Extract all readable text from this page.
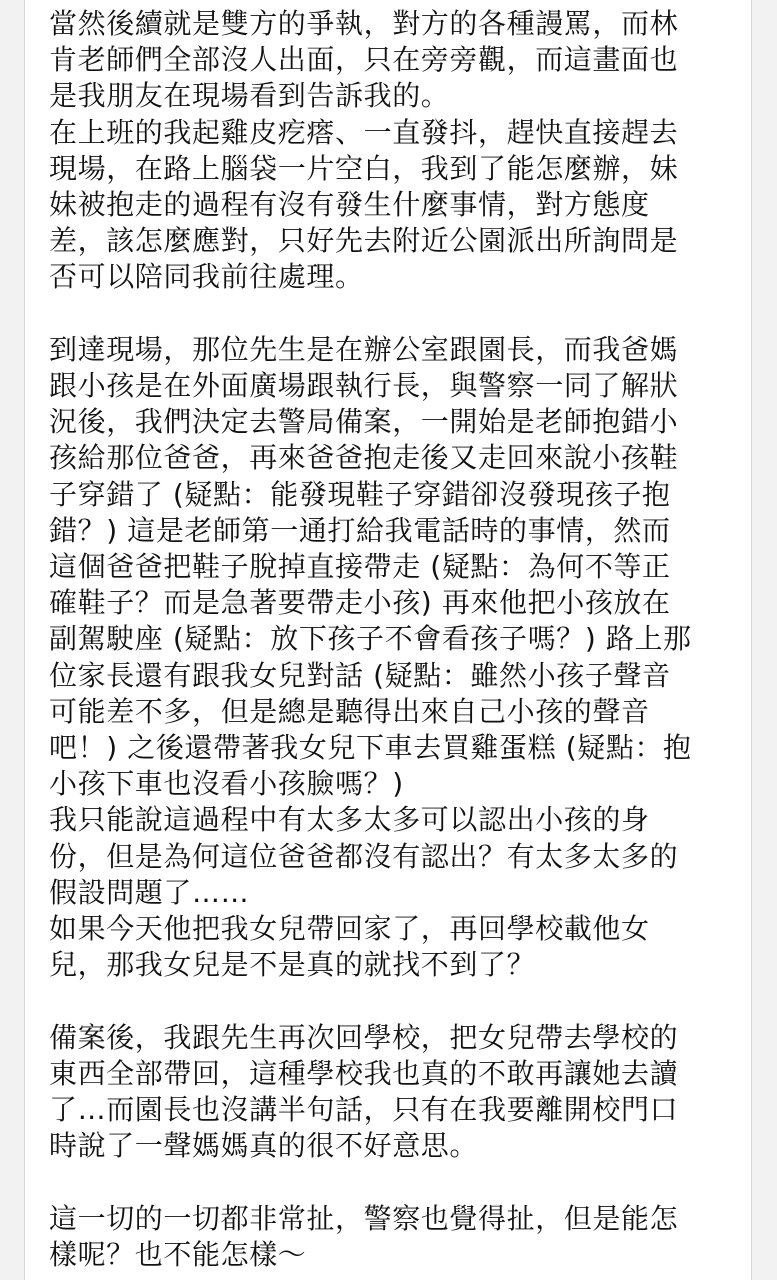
當然後續就是雙方的爭執，對方的各種謾罵，而林
肯老師們全部沒人出面，只在旁旁觀，而這畫面也
是我朋友在現場看到告訴我的。
在上班的我起雞皮疙瘩、一直發抖，趕快直接趕去
現場，在路上腦袋一片空白，我到了能怎麼辦，妹
妹被抱走的過程有沒有發生什麼事情，對方態度
差，該怎麼應對，只好先去附近公園派出所詢問是
否可以陪同我前往處理。
到達現場，那位先生是在辦公室跟園長，而我爸媽
跟小孩是在外面廣場跟執行長，與警察一同了解狀
況後，我們決定去警局備案，一開始是老師抱錯小
孩給那位爸爸，再來爸爸抱走後又走回來說小孩鞋
子穿錯了 (疑點：能發現鞋子穿錯卻沒發現孩子抱
錯？) 這是老師第一通打給我電話時的事情，然而
這個爸爸把鞋子脫掉直接帶走 (疑點：為何不等正
確鞋子？而是急著要帶走小孩) 再來他把小孩放在
副駕駛座 (疑點：放下孩子不會看孩子嗎？) 路上那
位家長還有跟我女兒對話 (疑點：雖然小孩子聲音
可能差不多，但是總是聽得出來自己小孩的聲音
吧！) 之後還帶著我女兒下車去買雞蛋糕 (疑點：抱
小孩下車也沒看小孩臉嗎？)
我只能說這過程中有太多太多可以認出小孩的身
份，但是為何這位爸爸都沒有認出？有太多太多的
假設問題了……
如果今天他把我女兒帶回家了，再回學校載他女
兒，那我女兒是不是真的就找不到了？
備案後，我跟先生再次回學校，把女兒帶去學校的
東西全部帶回，這種學校我也真的不敢再讓她去讀
了…而園長也沒講半句話，只有在我要離開校門口
時說了一聲媽媽真的很不好意思。
這一切的一切都非常扯，警察也覺得扯，但是能怎
樣呢？也不能怎樣～
